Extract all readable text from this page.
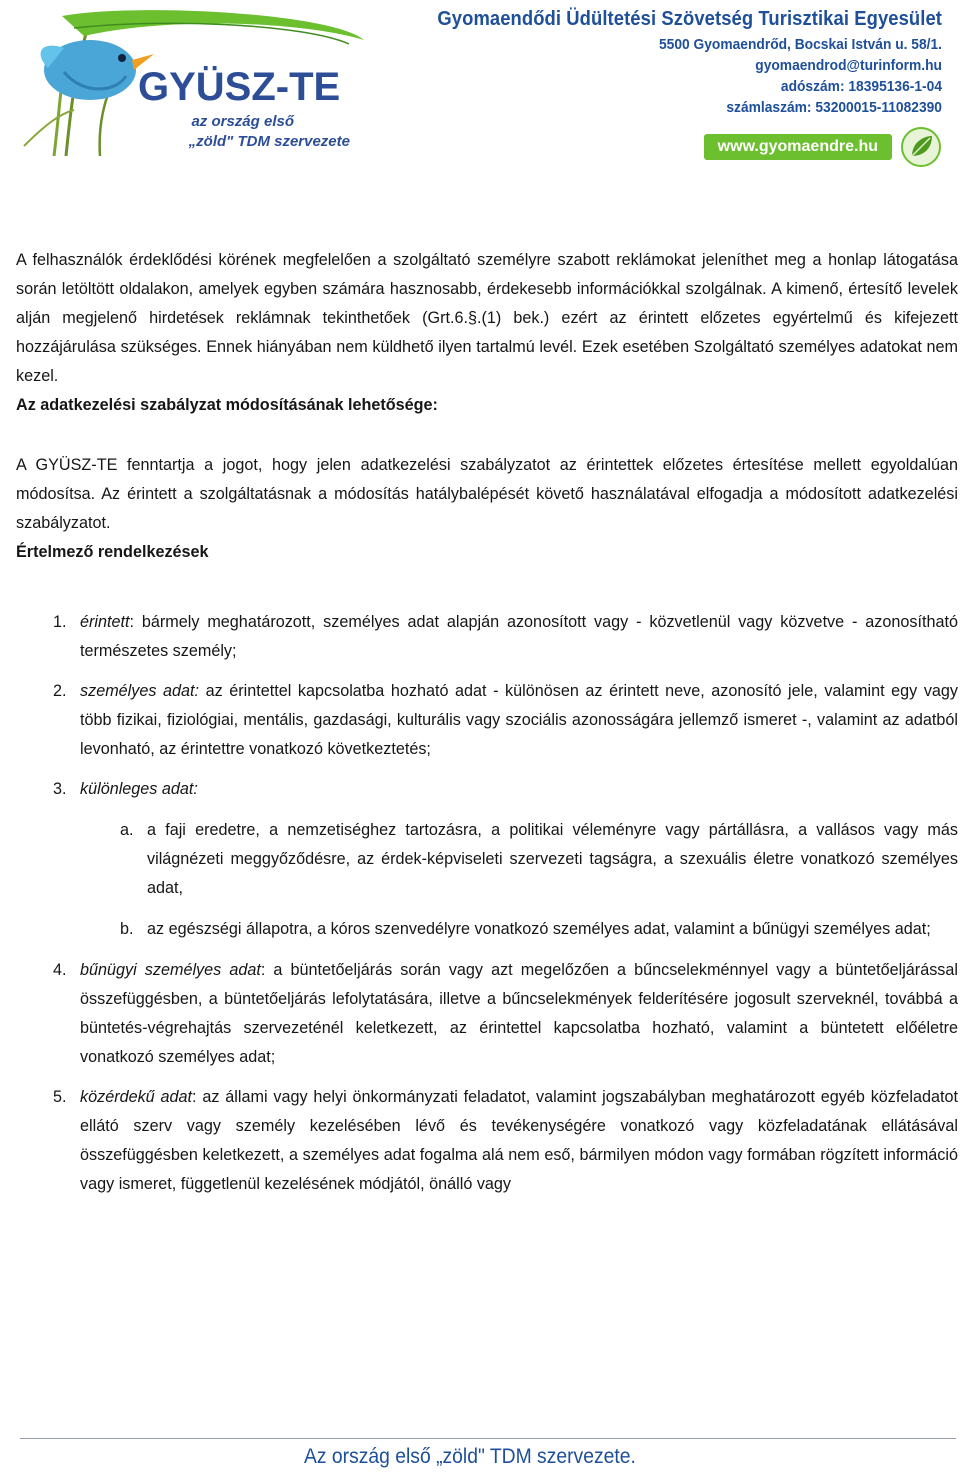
GYÜSZ-TE
az ország első
„zöld" TDM szervezete
Gyomaendődi Üdültetési Szövetség Turisztikai Egyesület
5500 Gyomaendrőd, Bocskai István u. 58/1.
gyomaendrod@turinform.hu
adószám: 18395136-1-04
számlaszám: 53200015-11082390
www.gyomaendre.hu

A felhasználók érdeklődési körének megfelelően a szolgáltató személyre szabott reklámokat jeleníthet meg a honlap látogatása során letöltött oldalakon, amelyek egyben számára hasznosabb, érdekesebb információkkal szolgálnak. A kimenő, értesítő levelek alján megjelenő hirdetések reklámnak tekinthetőek (Grt.6.§.(1) bek.) ezért az érintett előzetes egyértelmű és kifejezett hozzájárulása szükséges. Ennek hiányában nem küldhető ilyen tartalmú levél. Ezek esetében Szolgáltató személyes adatokat nem kezel.

Az adatkezelési szabályzat módosításának lehetősége:

A GYÜSZ-TE fenntartja a jogot, hogy jelen adatkezelési szabályzatot az érintettek előzetes értesítése mellett egyoldalúan módosítsa. Az érintett a szolgáltatásnak a módosítás hatálybalépését követő használatával elfogadja a módosított adatkezelési szabályzatot.

Értelmező rendelkezések

1. érintett: bármely meghatározott, személyes adat alapján azonosított vagy - közvetlenül vagy közvetve - azonosítható természetes személy;
2. személyes adat: az érintettel kapcsolatba hozható adat - különösen az érintett neve, azonosító jele, valamint egy vagy több fizikai, fiziológiai, mentális, gazdasági, kulturális vagy szociális azonosságára jellemző ismeret -, valamint az adatból levonható, az érintettre vonatkozó következtetés;
3. különleges adat:
a. a faji eredetre, a nemzetiséghez tartozásra, a politikai véleményre vagy pártállásra, a vallásos vagy más világnézeti meggyőződésre, az érdek-képviseleti szervezeti tagságra, a szexuális életre vonatkozó személyes adat,
b. az egészségi állapotra, a kóros szenvedélyre vonatkozó személyes adat, valamint a bűnügyi személyes adat;
4. bűnügyi személyes adat: a büntetőeljárás során vagy azt megelőzően a bűncselekménnyel vagy a büntetőeljárással összefüggésben, a büntetőeljárás lefolytatására, illetve a bűncselekmények felderítésére jogosult szerveknél, továbbá a büntetés-végrehajtás szervezeténél keletkezett, az érintettel kapcsolatba hozható, valamint a büntetett előéletre vonatkozó személyes adat;
5. közérdekű adat: az állami vagy helyi önkormányzati feladatot, valamint jogszabályban meghatározott egyéb közfeladatot ellátó szerv vagy személy kezelésében lévő és tevékenységére vonatkozó vagy közfeladatának ellátásával összefüggésben keletkezett, a személyes adat fogalma alá nem eső, bármilyen módon vagy formában rögzített információ vagy ismeret, függetlenül kezelésének módjától, önálló vagy
Az ország első „zöld" TDM szervezete.
